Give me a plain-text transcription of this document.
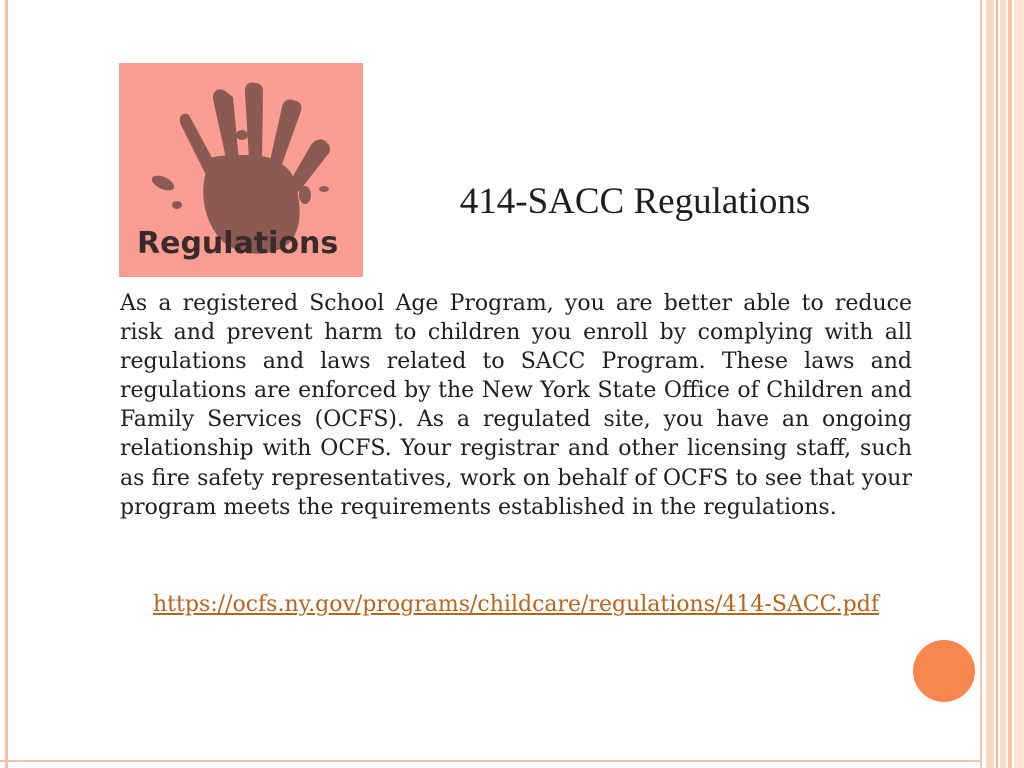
Regulations
414-SACC Regulations

As a registered School Age Program, you are better able to reduce risk and prevent harm to children you enroll by complying with all regulations and laws related to SACC Program. These laws and regulations are enforced by the New York State Office of Children and Family Services (OCFS). As a regulated site, you have an ongoing relationship with OCFS. Your registrar and other licensing staff, such as fire safety representatives, work on behalf of OCFS to see that your program meets the requirements established in the regulations.

https://ocfs.ny.gov/programs/childcare/regulations/414-SACC.pdf
